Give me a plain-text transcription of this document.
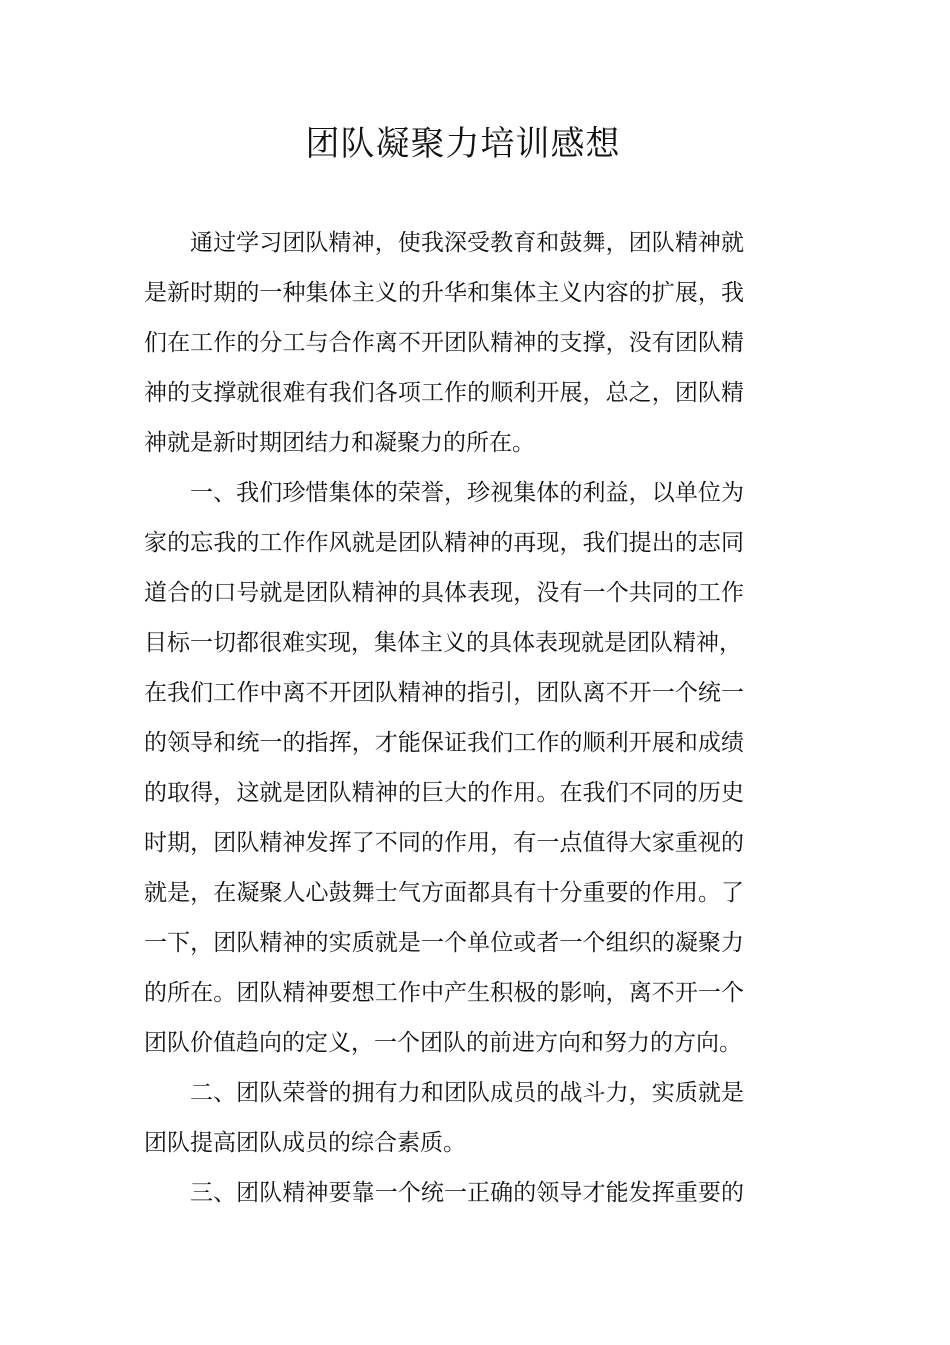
团队凝聚力培训感想
通过学习团队精神，使我深受教育和鼓舞，团队精神就
是新时期的一种集体主义的升华和集体主义内容的扩展，我
们在工作的分工与合作离不开团队精神的支撑，没有团队精
神的支撑就很难有我们各项工作的顺利开展，总之，团队精
神就是新时期团结力和凝聚力的所在。
一、我们珍惜集体的荣誉，珍视集体的利益，以单位为
家的忘我的工作作风就是团队精神的再现，我们提出的志同
道合的口号就是团队精神的具体表现，没有一个共同的工作
目标一切都很难实现，集体主义的具体表现就是团队精神，
在我们工作中离不开团队精神的指引，团队离不开一个统一
的领导和统一的指挥，才能保证我们工作的顺利开展和成绩
的取得，这就是团队精神的巨大的作用。在我们不同的历史
时期，团队精神发挥了不同的作用，有一点值得大家重视的
就是，在凝聚人心鼓舞士气方面都具有十分重要的作用。了
一下，团队精神的实质就是一个单位或者一个组织的凝聚力
的所在。团队精神要想工作中产生积极的影响，离不开一个
团队价值趋向的定义，一个团队的前进方向和努力的方向。
二、团队荣誉的拥有力和团队成员的战斗力，实质就是
团队提高团队成员的综合素质。
三、团队精神要靠一个统一正确的领导才能发挥重要的
